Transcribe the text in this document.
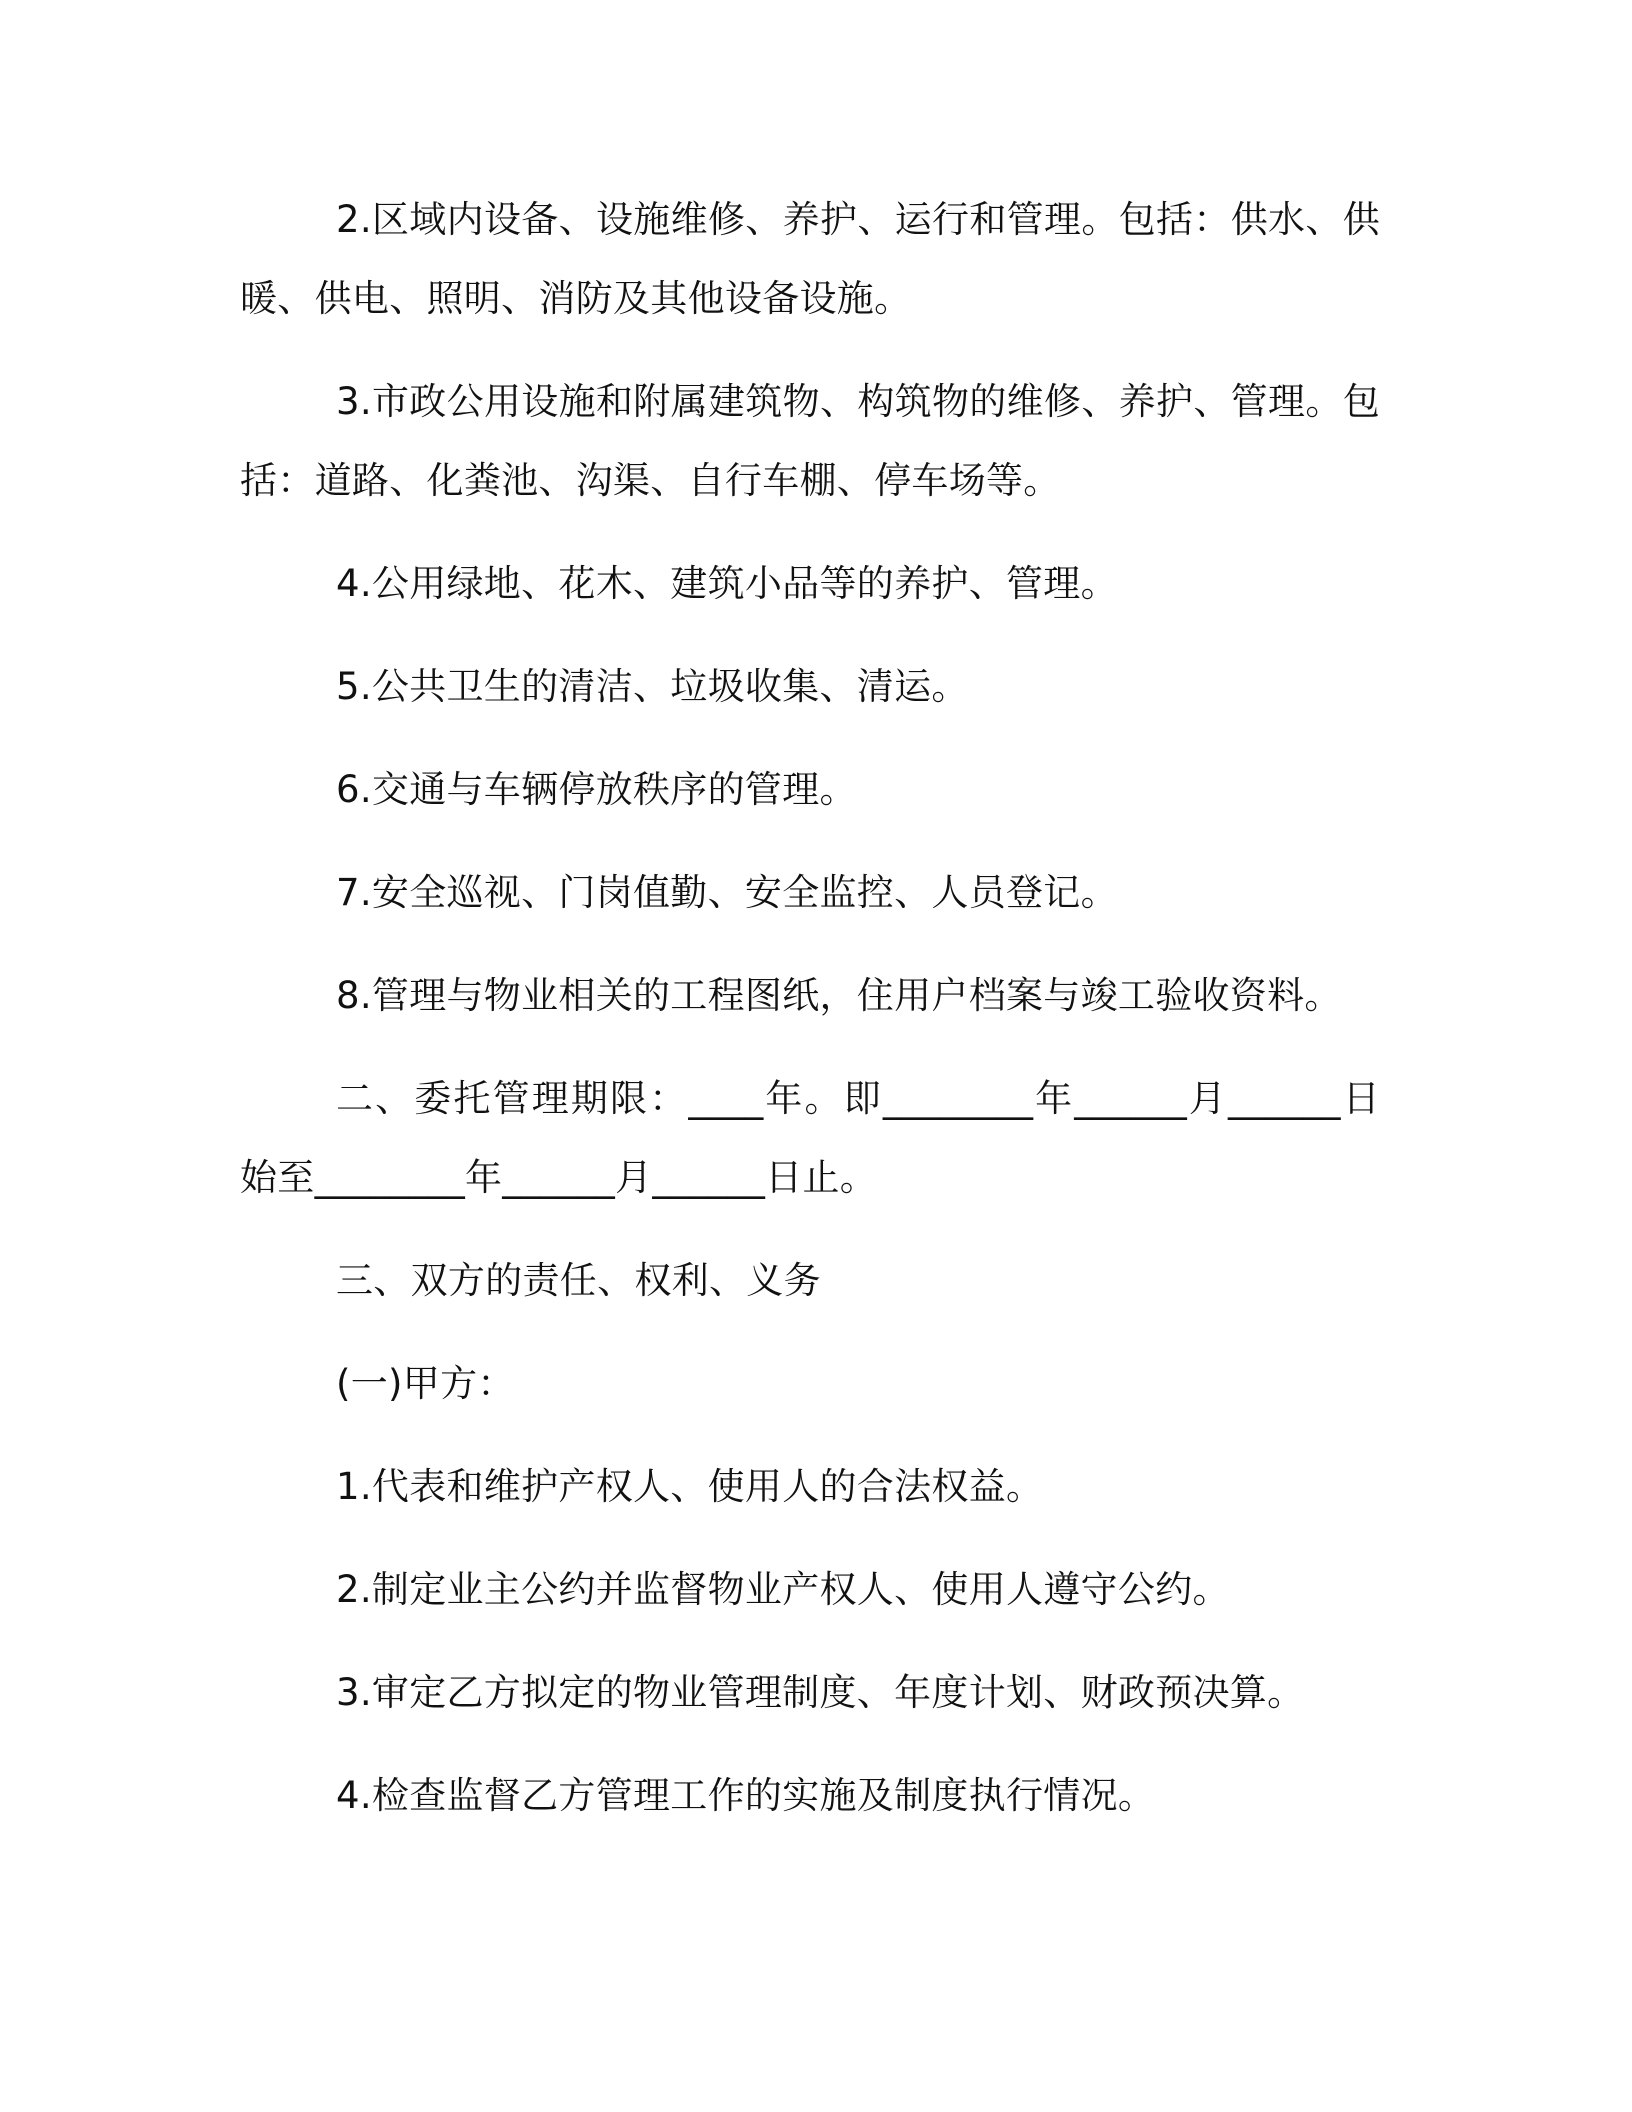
2.区域内设备、设施维修、养护、运行和管理。包括：供水、供暖、供电、照明、消防及其他设备设施。

3.市政公用设施和附属建筑物、构筑物的维修、养护、管理。包括：道路、化粪池、沟渠、自行车棚、停车场等。

4.公用绿地、花木、建筑小品等的养护、管理。

5.公共卫生的清洁、垃圾收集、清运。

6.交通与车辆停放秩序的管理。

7.安全巡视、门岗值勤、安全监控、人员登记。

8.管理与物业相关的工程图纸，住用户档案与竣工验收资料。

二、委托管理期限：____年。即________年______月______日始至________年______月______日止。

三、双方的责任、权利、义务

(一)甲方：

1.代表和维护产权人、使用人的合法权益。

2.制定业主公约并监督物业产权人、使用人遵守公约。

3.审定乙方拟定的物业管理制度、年度计划、财政预决算。

4.检查监督乙方管理工作的实施及制度执行情况。
